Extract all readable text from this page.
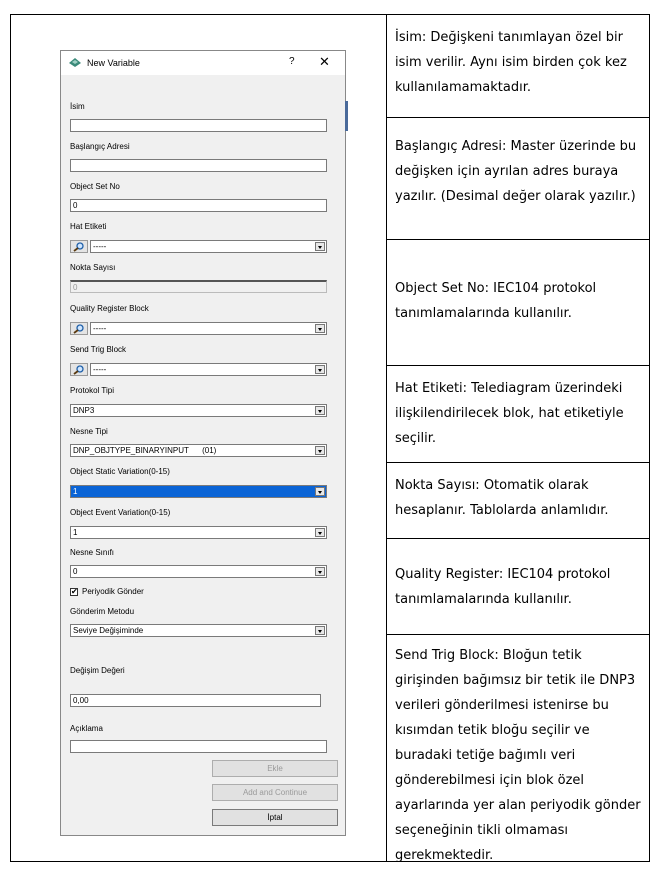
New Variable	? ✕
İsim
Başlangıç Adresi
Object Set No
0
Hat Etiketi
-----
Nokta Sayısı
0
Quality Register Block
-----
Send Trig Block
-----
Protokol Tipi
DNP3
Nesne Tipi
DNP_OBJTYPE_BINARYINPUT      (01)
Object Static Variation(0-15)
1
Object Event Variation(0-15)
1
Nesne Sınıfı
0
✔ Periyodik Gönder
Gönderim Metodu
Seviye Değişiminde
Değişim Değeri
0,00
Açıklama
Ekle
Add and Continue
İptal
İsim: Değişkeni tanımlayan özel bir isim verilir. Aynı isim birden çok kez kullanılamamaktadır.
Başlangıç Adresi: Master üzerinde bu değişken için ayrılan adres buraya yazılır. (Desimal değer olarak yazılır.)
Object Set No: IEC104 protokol tanımlamalarında kullanılır.
Hat Etiketi: Telediagram üzerindeki ilişkilendirilecek blok, hat etiketiyle seçilir.
Nokta Sayısı: Otomatik olarak hesaplanır. Tablolarda anlamlıdır.
Quality Register: IEC104 protokol tanımlamalarında kullanılır.
Send Trig Block: Bloğun tetik girişinden bağımsız bir tetik ile DNP3 verileri gönderilmesi istenirse bu kısımdan tetik bloğu seçilir ve buradaki tetiğe bağımlı veri gönderebilmesi için blok özel ayarlarında yer alan periyodik gönder seçeneğinin tikli olmaması gerekmektedir.
